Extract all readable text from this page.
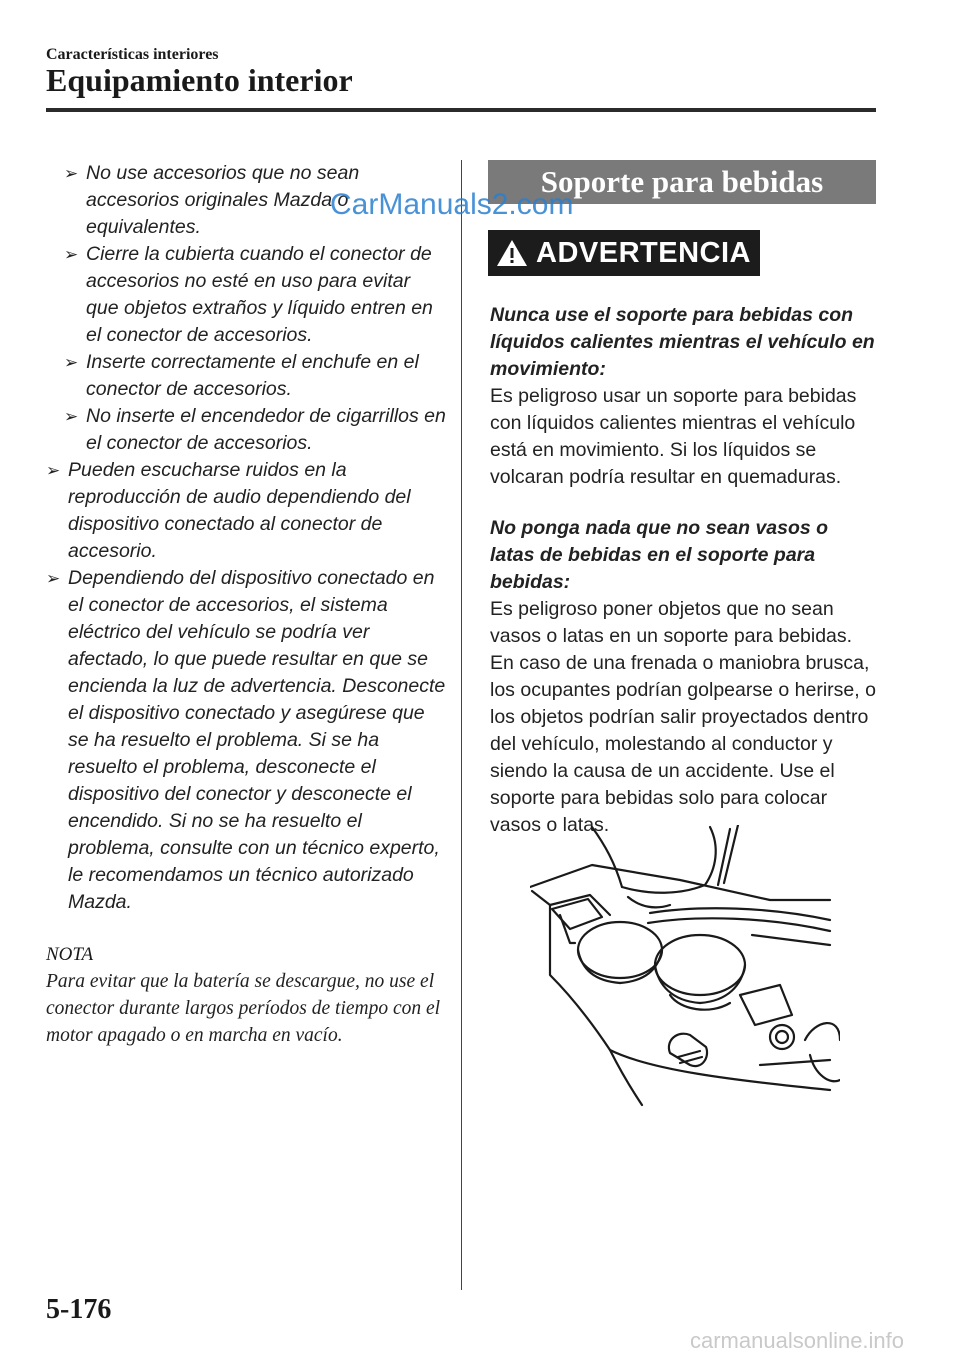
Características interiores
Equipamiento interior
➢ No use accesorios que no sean accesorios originales Mazda o equivalentes.
➢ Cierre la cubierta cuando el conector de accesorios no esté en uso para evitar que objetos extraños y líquido entren en el conector de accesorios.
➢ Inserte correctamente el enchufe en el conector de accesorios.
➢ No inserte el encendedor de cigarrillos en el conector de accesorios.
➢ Pueden escucharse ruidos en la reproducción de audio dependiendo del dispositivo conectado al conector de accesorio.
➢ Dependiendo del dispositivo conectado en el conector de accesorios, el sistema eléctrico del vehículo se podría ver afectado, lo que puede resultar en que se encienda la luz de advertencia. Desconecte el dispositivo conectado y asegúrese que se ha resuelto el problema. Si se ha resuelto el problema, desconecte el dispositivo del conector y desconecte el encendido. Si no se ha resuelto el problema, consulte con un técnico experto, le recomendamos un técnico autorizado Mazda.
NOTA
Para evitar que la batería se descargue, no use el conector durante largos períodos de tiempo con el motor apagado o en marcha en vacío.
Soporte para bebidas
ADVERTENCIA
Nunca use el soporte para bebidas con líquidos calientes mientras el vehículo en movimiento:
Es peligroso usar un soporte para bebidas con líquidos calientes mientras el vehículo está en movimiento. Si los líquidos se volcaran podría resultar en quemaduras.
No ponga nada que no sean vasos o latas de bebidas en el soporte para bebidas:
Es peligroso poner objetos que no sean vasos o latas en un soporte para bebidas. En caso de una frenada o maniobra brusca, los ocupantes podrían golpearse o herirse, o los objetos podrían salir proyectados dentro del vehículo, molestando al conductor y siendo la causa de un accidente. Use el soporte para bebidas solo para colocar vasos o latas.
CarManuals2.com
5-176
carmanualsonline.info
